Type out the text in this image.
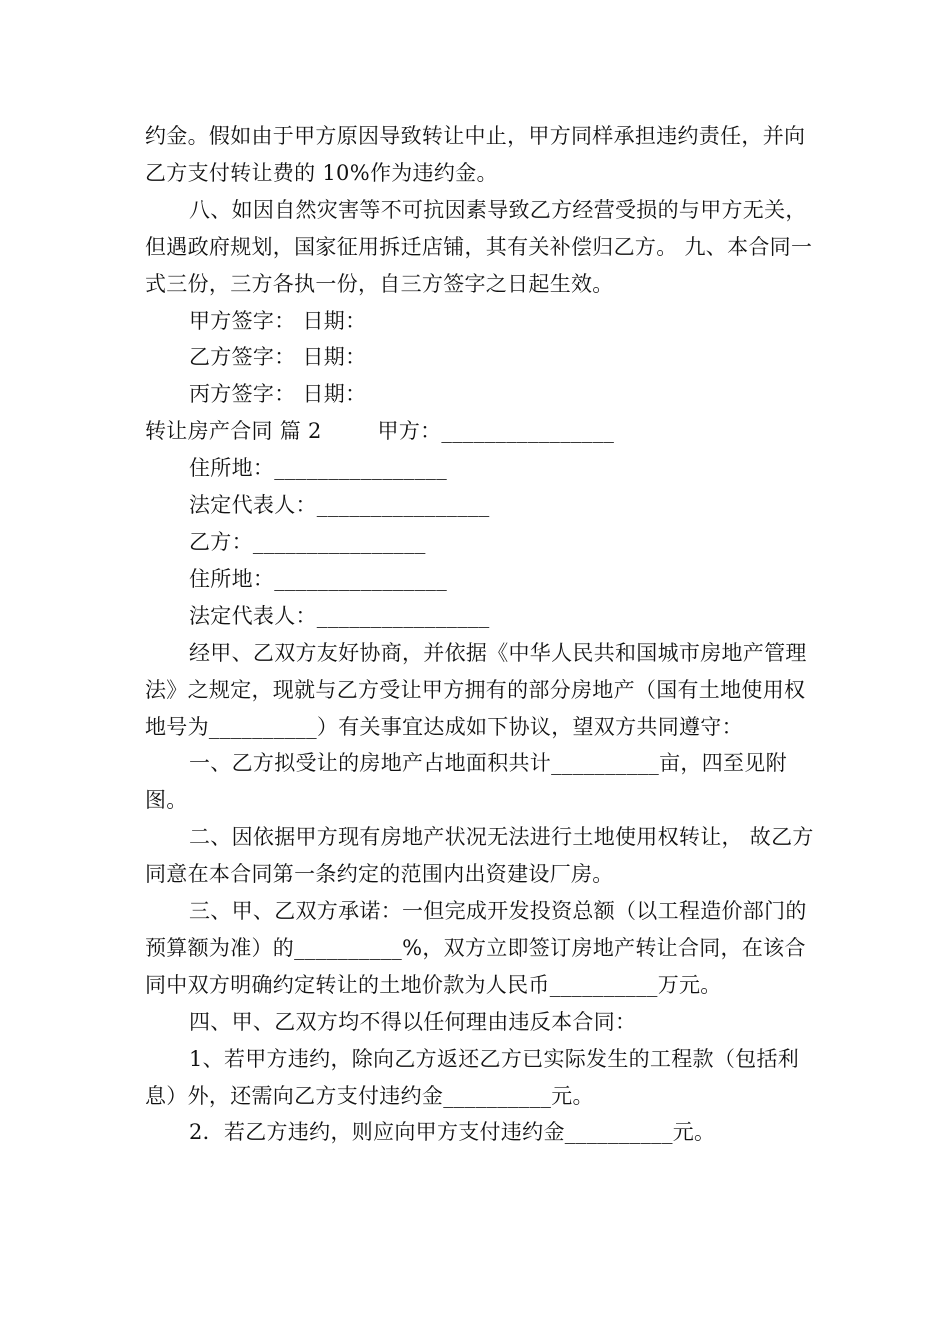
约金。假如由于甲方原因导致转让中止，甲方同样承担违约责任，并向乙方支付转让费的 10%作为违约金。

八、如因自然灾害等不可抗因素导致乙方经营受损的与甲方无关，但遇政府规划，国家征用拆迁店铺，其有关补偿归乙方。 九、本合同一式三份，三方各执一份，自三方签字之日起生效。

甲方签字： 日期：

乙方签字： 日期：

丙方签字： 日期：

转让房产合同 篇 2        甲方：________________

住所地：________________

法定代表人：________________

乙方：________________

住所地：________________

法定代表人：________________

经甲、乙双方友好协商，并依据《中华人民共和国城市房地产管理法》之规定，现就与乙方受让甲方拥有的部分房地产（国有土地使用权地号为__________）有关事宜达成如下协议，望双方共同遵守：

一、乙方拟受让的房地产占地面积共计__________亩，四至见附图。

二、因依据甲方现有房地产状况无法进行土地使用权转让， 故乙方同意在本合同第一条约定的范围内出资建设厂房。

三、甲、乙双方承诺：一但完成开发投资总额（以工程造价部门的预算额为准）的__________%，双方立即签订房地产转让合同，在该合同中双方明确约定转让的土地价款为人民币__________万元。

四、甲、乙双方均不得以任何理由违反本合同：

1、若甲方违约，除向乙方返还乙方已实际发生的工程款（包括利息）外，还需向乙方支付违约金__________元。

2．若乙方违约，则应向甲方支付违约金__________元。
